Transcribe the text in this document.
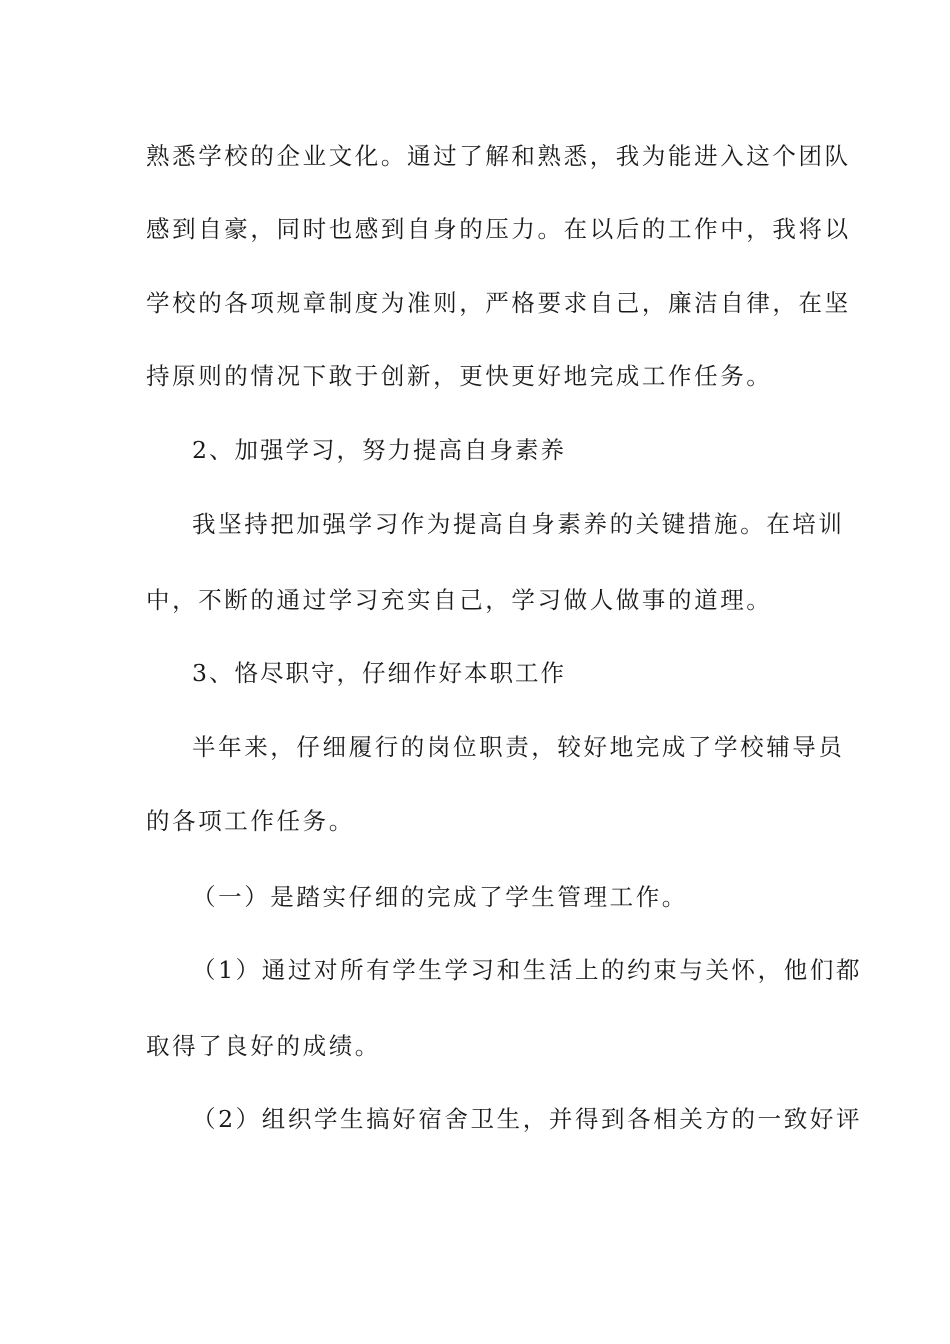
熟悉学校的企业文化。通过了解和熟悉，我为能进入这个团队
感到自豪，同时也感到自身的压力。在以后的工作中，我将以
学校的各项规章制度为准则，严格要求自己，廉洁自律，在坚
持原则的情况下敢于创新，更快更好地完成工作任务。
2、加强学习，努力提高自身素养
我坚持把加强学习作为提高自身素养的关键措施。在培训
中，不断的通过学习充实自己，学习做人做事的道理。
3、恪尽职守，仔细作好本职工作
半年来，仔细履行的岗位职责，较好地完成了学校辅导员
的各项工作任务。
（一）是踏实仔细的完成了学生管理工作。
（1）通过对所有学生学习和生活上的约束与关怀，他们都
取得了良好的成绩。
（2）组织学生搞好宿舍卫生，并得到各相关方的一致好评
